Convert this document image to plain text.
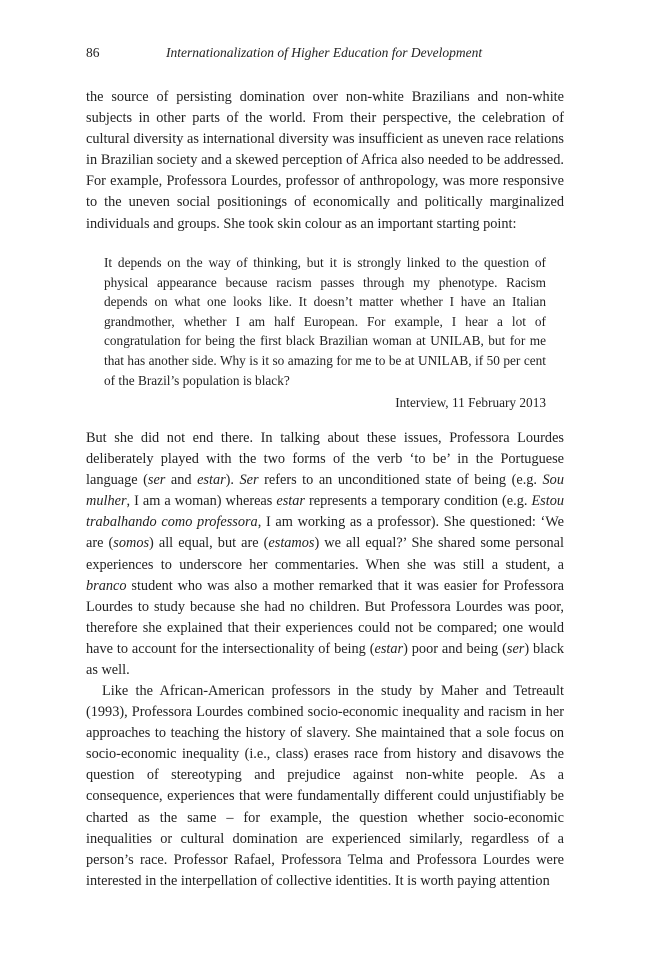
86	Internationalization of Higher Education for Development

the source of persisting domination over non-white Brazilians and non-white subjects in other parts of the world. From their perspective, the celebration of cultural diversity as international diversity was insufficient as uneven race relations in Brazilian society and a skewed perception of Africa also needed to be addressed. For example, Professora Lourdes, professor of anthropology, was more responsive to the uneven social positionings of economically and politically marginalized individuals and groups. She took skin colour as an important starting point:

It depends on the way of thinking, but it is strongly linked to the question of physical appearance because racism passes through my phenotype. Racism depends on what one looks like. It doesn’t matter whether I have an Italian grandmother, whether I am half European. For example, I hear a lot of congratulation for being the first black Brazilian woman at UNILAB, but for me that has another side. Why is it so amazing for me to be at UNILAB, if 50 per cent of the Brazil’s population is black?

Interview, 11 February 2013

But she did not end there. In talking about these issues, Professora Lourdes deliberately played with the two forms of the verb ‘to be’ in the Portuguese language (ser and estar). Ser refers to an unconditioned state of being (e.g. Sou mulher, I am a woman) whereas estar represents a temporary condition (e.g. Estou trabalhando como professora, I am working as a professor). She questioned: ‘We are (somos) all equal, but are (estamos) we all equal?’ She shared some personal experiences to underscore her commentaries. When she was still a student, a branco student who was also a mother remarked that it was easier for Professora Lourdes to study because she had no children. But Professora Lourdes was poor, therefore she explained that their experiences could not be compared; one would have to account for the intersectionality of being (estar) poor and being (ser) black as well.

Like the African-American professors in the study by Maher and Tetreault (1993), Professora Lourdes combined socio-economic inequality and racism in her approaches to teaching the history of slavery. She maintained that a sole focus on socio-economic inequality (i.e., class) erases race from history and disavows the question of stereotyping and prejudice against non-white people. As a consequence, experiences that were fundamentally different could unjustifiably be charted as the same – for example, the question whether socio-economic inequalities or cultural domination are experienced similarly, regardless of a person’s race. Professor Rafael, Professora Telma and Professora Lourdes were interested in the interpellation of collective identities. It is worth paying attention
